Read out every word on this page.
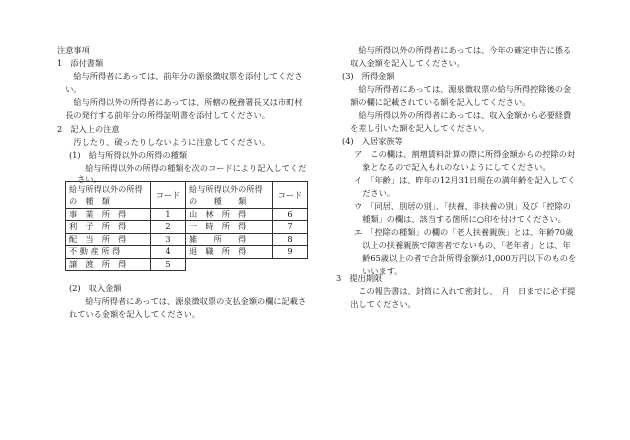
注意事項
1　添付書類
　　給与所得者にあっては、前年分の源泉徴収票を添付してくださ
　い。
　　給与所得以外の所得者にあっては、所轄の税務署長又は市町村
　長の発行する前年分の所得証明書を添付してください。
2　記入上の注意
　　汚したり、破ったりしないように注意してください。
(1)　給与所得以外の所得の種類
　給与所得以外の所得の種類を次のコードにより記入してくだ
さい。
給与所得以外の所得の　種　類	コード	給与所得以外の所得の　　種　　類	コード
事　業　所　得	1	山　林　所　得	6
利　子　所　得	2	一　時　所　得	7
配　当　所　得	3	雑　　所　　得	8
不 動 産 所 得	4	退　職　所　得	9
譲　渡　所　得	5		
(2)　収入金額
　給与所得者にあっては、源泉徴収票の支払金額の欄に記載さ
れている金額を記入してください。
　　給与所得以外の所得者にあっては、今年の確定申告に係る
　収入金額を記入してください。
(3)　所得金額
　　給与所得者にあっては、源泉徴収票の給与所得控除後の金
　額の欄に記載されている額を記入してください。
　　給与所得以外の所得者にあっては、収入金額から必要経費
　を差し引いた額を記入してください。
(4)　入居家族等
ア　この欄は、割増賃料計算の際に所得金額からの控除の対
　象となるので記入もれのないようにしてください。
イ　「年齢」は、昨年の12月31日現在の満年齢を記入してく
　ださい。
ウ　「同居、別居の別」、「扶養、非扶養の別」及び「控除の
　種類」の欄は、該当する箇所に○印を付けてください。
エ　「控除の種類」の欄の「老人扶養親族」とは、年齢70歳
　以上の扶養親族で障害者でないもの、「老年者」とは、年
　齢65歳以上の者で合計所得金額が1,000万円以下のものを
　いいます。
3　提出期限
　　この報告書は、封筒に入れて密封し、　月　日までに必ず提
　出してください。
